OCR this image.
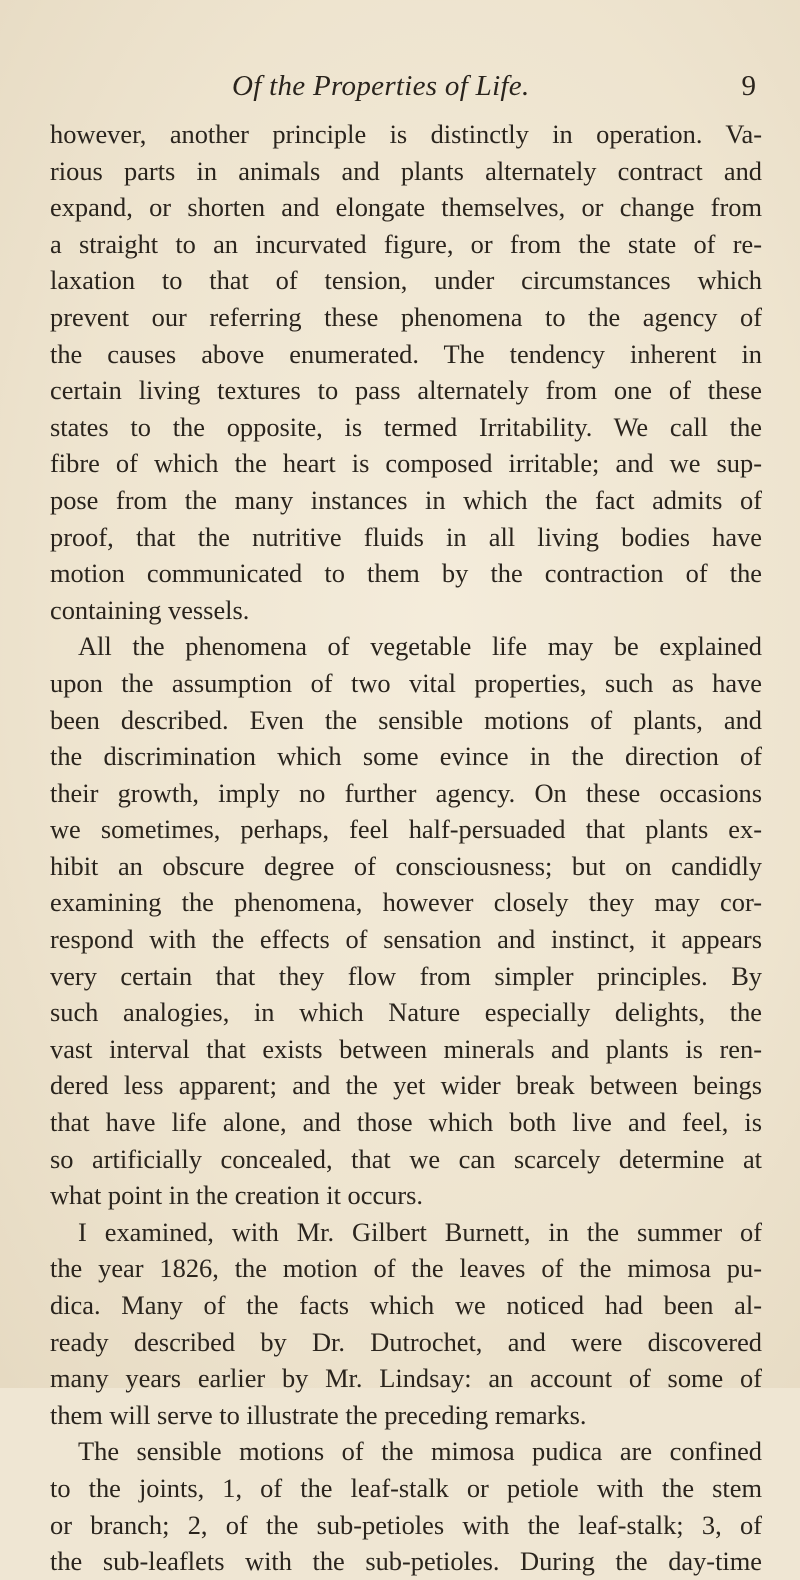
Of the Properties of Life.	9
however, another principle is distinctly in operation. Va-
rious parts in animals and plants alternately contract and
expand, or shorten and elongate themselves, or change from
a straight to an incurvated figure, or from the state of re-
laxation to that of tension, under circumstances which
prevent our referring these phenomena to the agency of
the causes above enumerated. The tendency inherent in
certain living textures to pass alternately from one of these
states to the opposite, is termed Irritability. We call the
fibre of which the heart is composed irritable; and we sup-
pose from the many instances in which the fact admits of
proof, that the nutritive fluids in all living bodies have
motion communicated to them by the contraction of the
containing vessels.
All the phenomena of vegetable life may be explained
upon the assumption of two vital properties, such as have
been described. Even the sensible motions of plants, and
the discrimination which some evince in the direction of
their growth, imply no further agency. On these occasions
we sometimes, perhaps, feel half-persuaded that plants ex-
hibit an obscure degree of consciousness; but on candidly
examining the phenomena, however closely they may cor-
respond with the effects of sensation and instinct, it appears
very certain that they flow from simpler principles. By
such analogies, in which Nature especially delights, the
vast interval that exists between minerals and plants is ren-
dered less apparent; and the yet wider break between beings
that have life alone, and those which both live and feel, is
so artificially concealed, that we can scarcely determine at
what point in the creation it occurs.
I examined, with Mr. Gilbert Burnett, in the summer of
the year 1826, the motion of the leaves of the mimosa pu-
dica. Many of the facts which we noticed had been al-
ready described by Dr. Dutrochet, and were discovered
many years earlier by Mr. Lindsay: an account of some of
them will serve to illustrate the preceding remarks.
The sensible motions of the mimosa pudica are confined
to the joints, 1, of the leaf-stalk or petiole with the stem
or branch; 2, of the sub-petioles with the leaf-stalk; 3, of
the sub-leaflets with the sub-petioles. During the day-time
